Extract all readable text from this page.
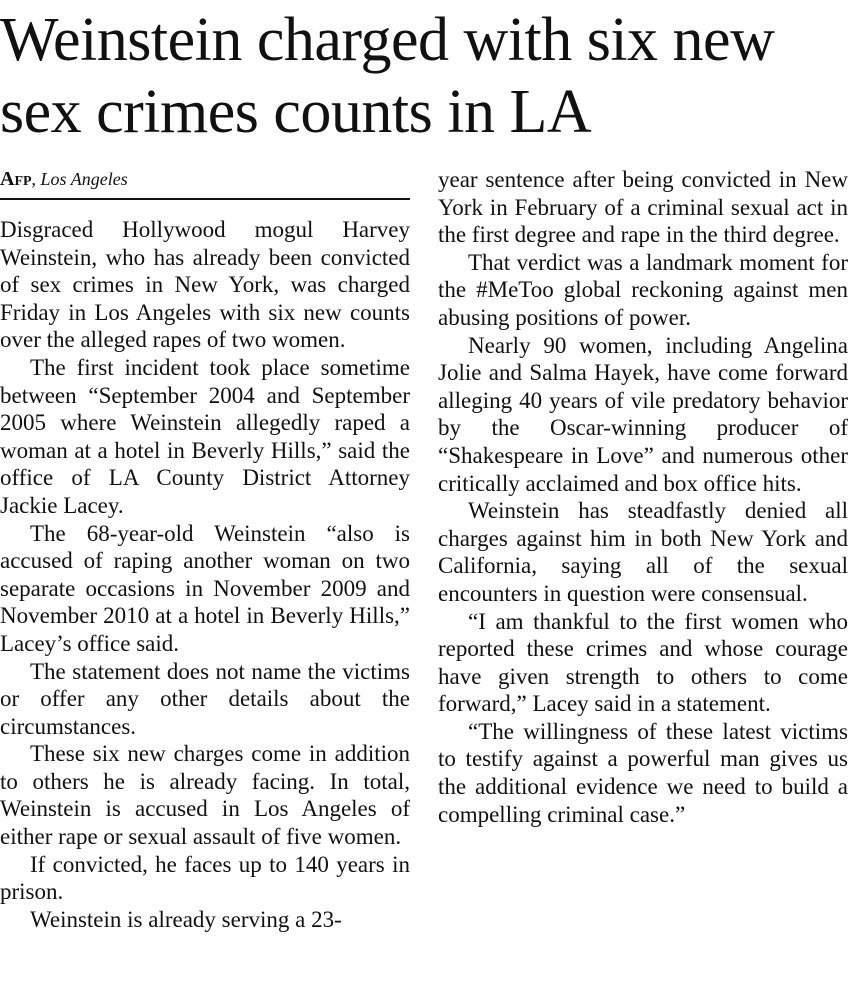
Weinstein charged with six new sex crimes counts in LA
Afp, Los Angeles

Disgraced Hollywood mogul Harvey Weinstein, who has already been convicted of sex crimes in New York, was charged Friday in Los Angeles with six new counts over the alleged rapes of two women.

The first incident took place sometime between “September 2004 and September 2005 where Weinstein allegedly raped a woman at a hotel in Beverly Hills,” said the office of LA County District Attorney Jackie Lacey.

The 68-year-old Weinstein “also is accused of raping another woman on two separate occasions in November 2009 and November 2010 at a hotel in Beverly Hills,” Lacey’s office said.

The statement does not name the victims or offer any other details about the circumstances.

These six new charges come in addition to others he is already facing. In total, Weinstein is accused in Los Angeles of either rape or sexual assault of five women.

If convicted, he faces up to 140 years in prison.

Weinstein is already serving a 23-

year sentence after being convicted in New York in February of a criminal sexual act in the first degree and rape in the third degree.

That verdict was a landmark moment for the #MeToo global reckoning against men abusing positions of power.

Nearly 90 women, including Angelina Jolie and Salma Hayek, have come forward alleging 40 years of vile predatory behavior by the Oscar-winning producer of “Shakespeare in Love” and numerous other critically acclaimed and box office hits.

Weinstein has steadfastly denied all charges against him in both New York and California, saying all of the sexual encounters in question were consensual.

“I am thankful to the first women who reported these crimes and whose courage have given strength to others to come forward,” Lacey said in a statement.

“The willingness of these latest victims to testify against a powerful man gives us the additional evidence we need to build a compelling criminal case.”
